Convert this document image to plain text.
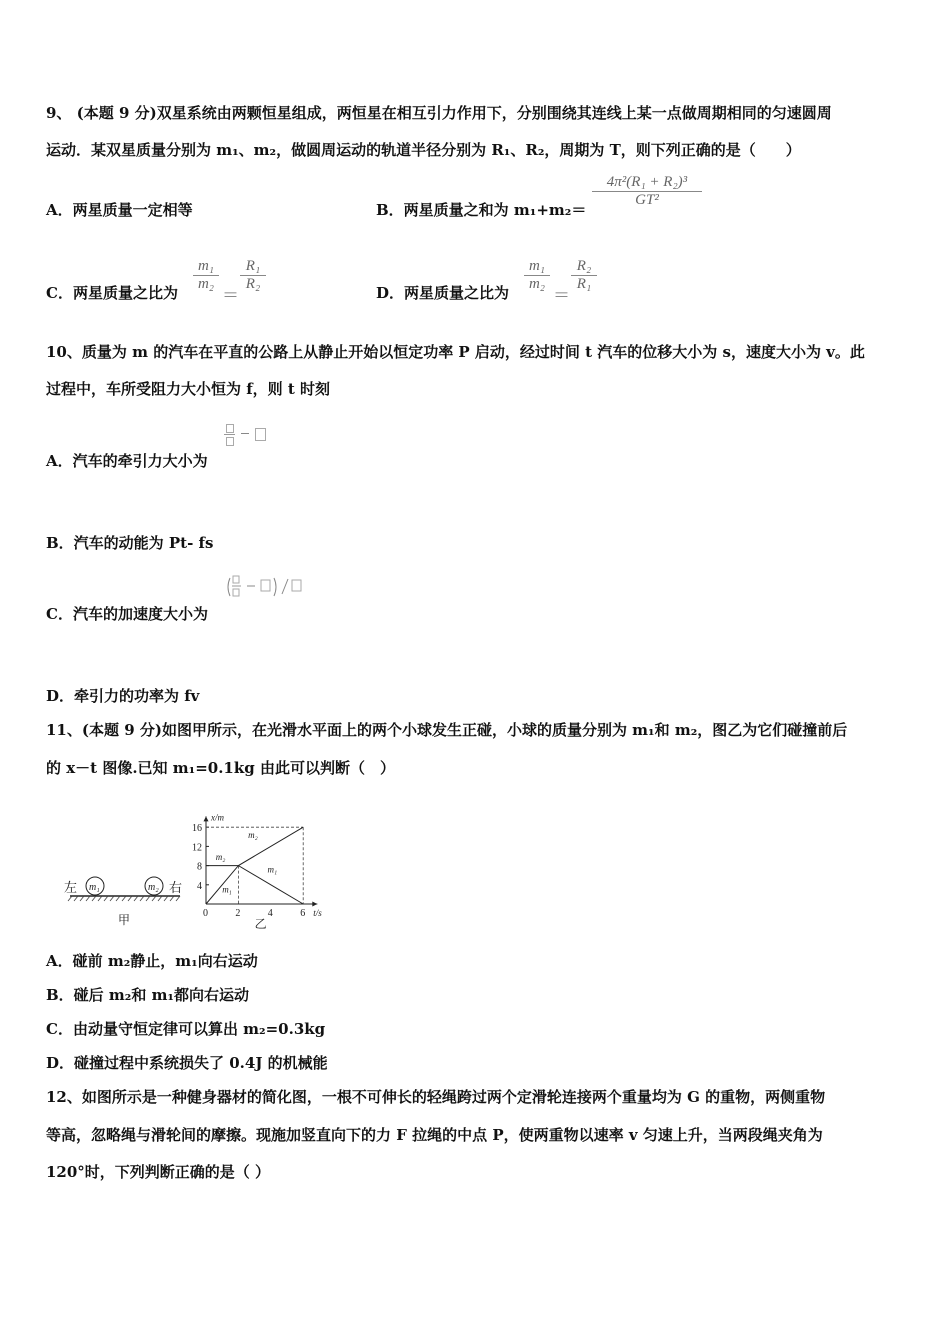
9、 (本题 9 分)双星系统由两颗恒星组成，两恒星在相互引力作用下，分别围绕其连线上某一点做周期相同的匀速圆周
运动．某双星质量分别为 m₁、m₂，做圆周运动的轨道半径分别为 R₁、R₂，周期为 T，则下列正确的是（　　）
A．两星质量一定相等	B．两星质量之和为 m₁+m₂＝
4π²(R₁ + R₂)³
GT²
C．两星质量之比为
m₁
m₂
＝
R₁
R₂	D．两星质量之比为
m₁
m₂
＝
R₂
R₁
10、质量为 m 的汽车在平直的公路上从静止开始以恒定功率 P 启动，经过时间 t 汽车的位移大小为 s，速度大小为 v。此
过程中，车所受阻力大小恒为 f，则 t 时刻
A．汽车的牵引力大小为
B．汽车的动能为 Pt- fs
C．汽车的加速度大小为
D．牵引力的功率为 fv
11、(本题 9 分)如图甲所示，在光滑水平面上的两个小球发生正碰，小球的质量分别为 m₁和 m₂，图乙为它们碰撞前后
的 x－t 图像.已知 m₁=0.1kg 由此可以判断（　）
左 m₁	m₂ 右
甲
x/m
t/s
0	2	4	6
4
8
12
16
m₂
m₂
m₁
m₁
乙
A．碰前 m₂静止，m₁向右运动
B．碰后 m₂和 m₁都向右运动
C．由动量守恒定律可以算出 m₂=0.3kg
D．碰撞过程中系统损失了 0.4J 的机械能
12、如图所示是一种健身器材的简化图，一根不可伸长的轻绳跨过两个定滑轮连接两个重量均为 G 的重物，两侧重物
等高，忽略绳与滑轮间的摩擦。现施加竖直向下的力 F 拉绳的中点 P，使两重物以速率 v 匀速上升，当两段绳夹角为
120°时，下列判断正确的是（ ）
